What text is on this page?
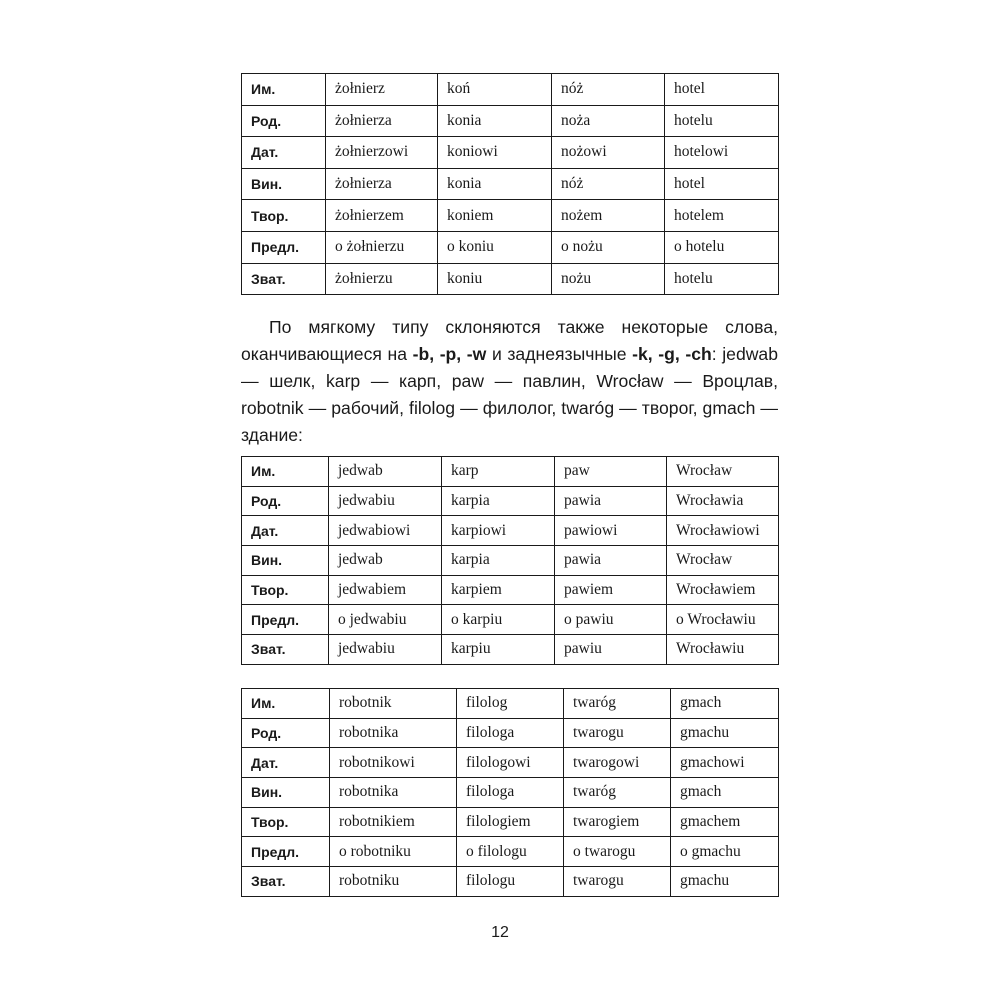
Им.	żołnierz	koń	nóż	hotel
Род.	żołnierza	konia	noża	hotelu
Дат.	żołnierzowi	koniowi	nożowi	hotelowi
Вин.	żołnierza	konia	nóż	hotel
Твор.	żołnierzem	koniem	nożem	hotelem
Предл.	o żołnierzu	o koniu	o nożu	o hotelu
Зват.	żołnierzu	koniu	nożu	hotelu

По мягкому типу склоняются также некоторые слова, оканчивающиеся на -b, -p, -w и заднеязычные -k, -g, -ch: jedwab — шелк, karp — карп, paw — павлин, Wrocław — Вроцлав, robotnik — рабочий, filolog — филолог, twaróg — творог, gmach — здание:

Им.	jedwab	karp	paw	Wrocław
Род.	jedwabiu	karpia	pawia	Wrocławia
Дат.	jedwabiowi	karpiowi	pawiowi	Wrocławiowi
Вин.	jedwab	karpia	pawia	Wrocław
Твор.	jedwabiem	karpiem	pawiem	Wrocławiem
Предл.	o jedwabiu	o karpiu	o pawiu	o Wrocławiu
Зват.	jedwabiu	karpiu	pawiu	Wrocławiu
Им.	robotnik	filolog	twaróg	gmach
Род.	robotnika	filologa	twarogu	gmachu
Дат.	robotnikowi	filologowi	twarogowi	gmachowi
Вин.	robotnika	filologa	twaróg	gmach
Твор.	robotnikiem	filologiem	twarogiem	gmachem
Предл.	o robotniku	o filologu	o twarogu	o gmachu
Зват.	robotniku	filologu	twarogu	gmachu
12
